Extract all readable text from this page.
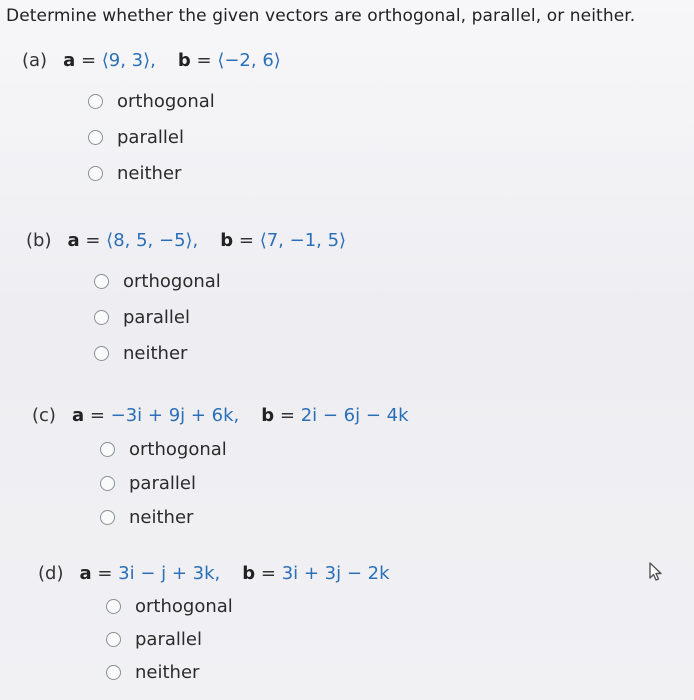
Determine whether the given vectors are orthogonal, parallel, or neither.
(a) a = ⟨9, 3⟩, b = ⟨−2, 6⟩
orthogonal
parallel
neither
(b) a = ⟨8, 5, −5⟩, b = ⟨7, −1, 5⟩
orthogonal
parallel
neither
(c) a = −3i + 9j + 6k, b = 2i − 6j − 4k
orthogonal
parallel
neither
(d) a = 3i − j + 3k, b = 3i + 3j − 2k
orthogonal
parallel
neither
